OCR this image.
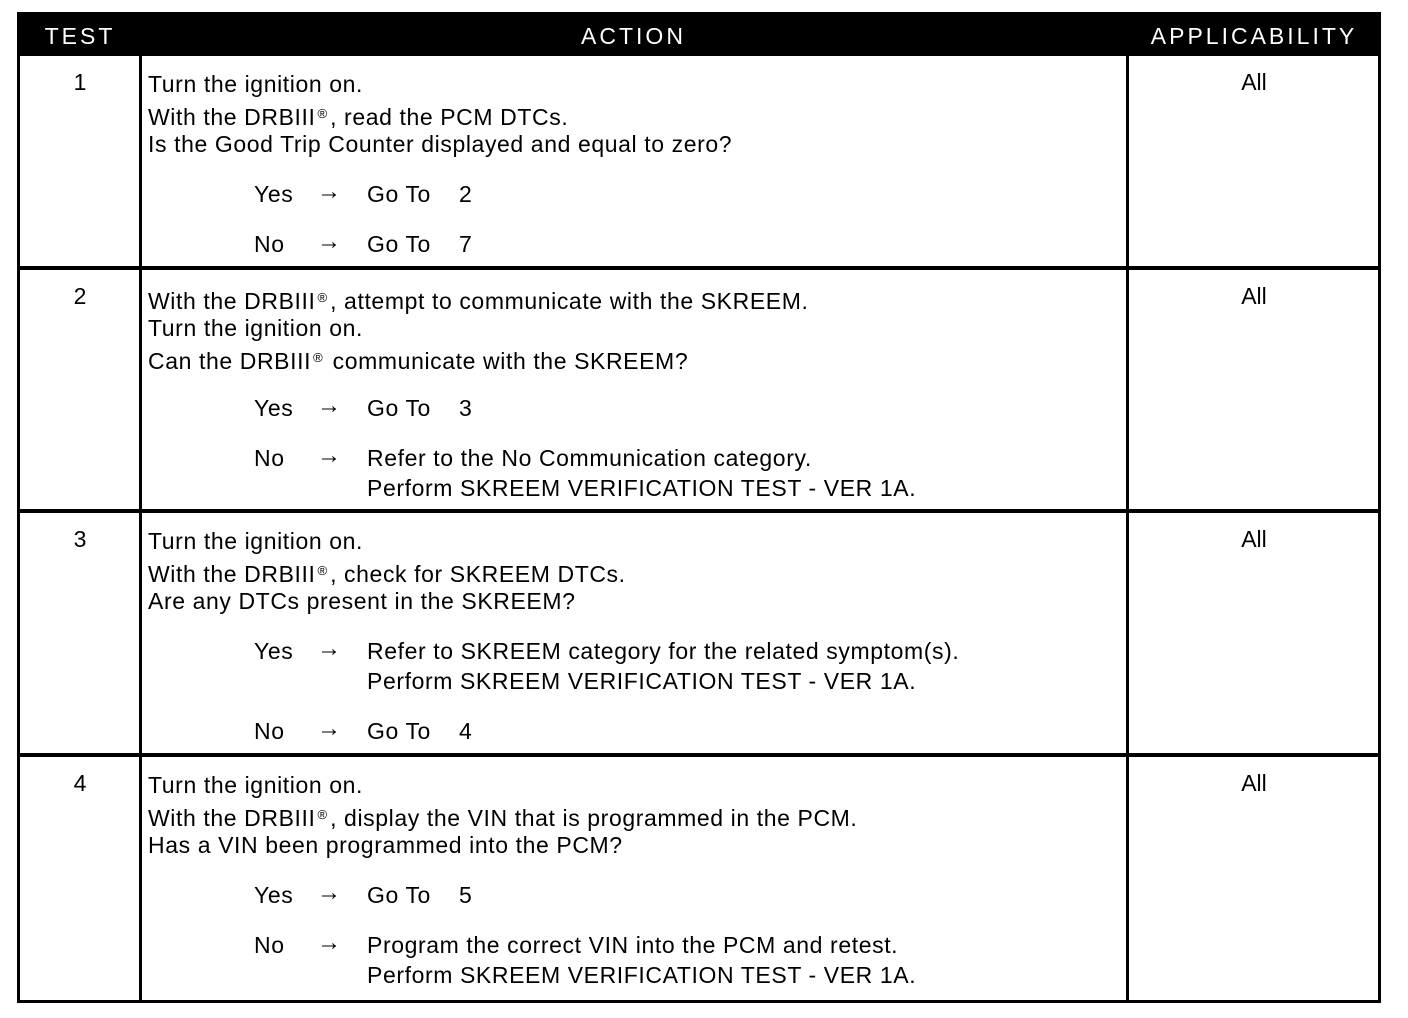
TEST	ACTION	APPLICABILITY
1	Turn the ignition on.
With the DRBIII ® , read the PCM DTCs.
Is the Good Trip Counter displayed and equal to zero?
Yes → Go To 2
No → Go To 7
All
2	With the DRBIII ® , attempt to communicate with the SKREEM.
Turn the ignition on.
Can the DRBIII ® communicate with the SKREEM?
Yes → Go To 3
No → Refer to the No Communication category.
Perform SKREEM VERIFICATION TEST - VER 1A.
All
3	Turn the ignition on.
With the DRBIII ® , check for SKREEM DTCs.
Are any DTCs present in the SKREEM?
Yes → Refer to SKREEM category for the related symptom(s).
Perform SKREEM VERIFICATION TEST - VER 1A.
No → Go To 4
All
4	Turn the ignition on.
With the DRBIII ® , display the VIN that is programmed in the PCM.
Has a VIN been programmed into the PCM?
Yes → Go To 5
No → Program the correct VIN into the PCM and retest.
Perform SKREEM VERIFICATION TEST - VER 1A.
All
